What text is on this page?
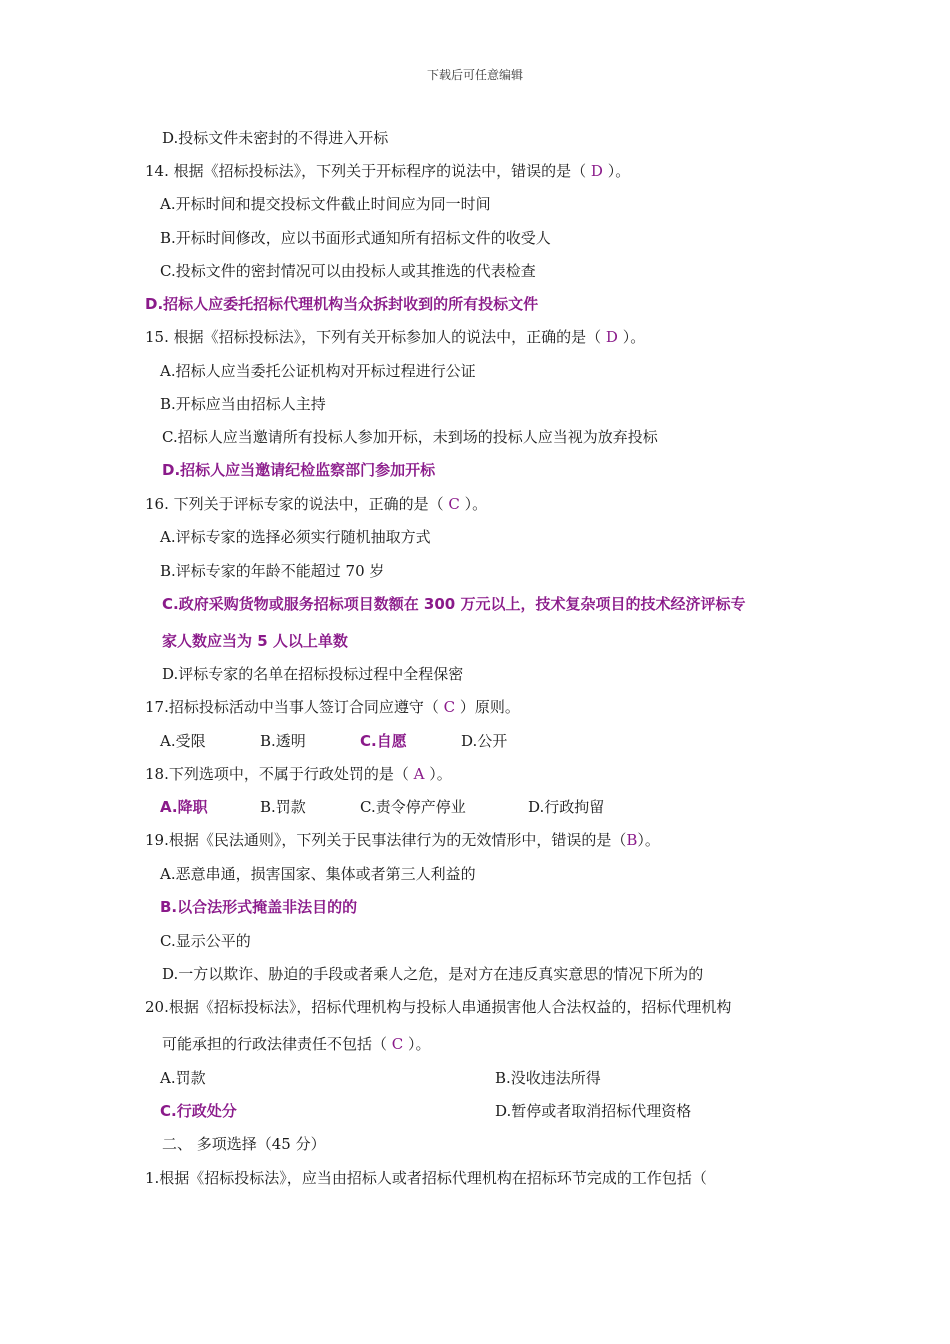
下载后可任意编辑
D.投标文件未密封的不得进入开标
14. 根据《招标投标法》，下列关于开标程序的说法中，错误的是（ D ）。
A.开标时间和提交投标文件截止时间应为同一时间
B.开标时间修改，应以书面形式通知所有招标文件的收受人
C.投标文件的密封情况可以由投标人或其推选的代表检查
D.招标人应委托招标代理机构当众拆封收到的所有投标文件
15. 根据《招标投标法》，下列有关开标参加人的说法中，正确的是（ D ）。
A.招标人应当委托公证机构对开标过程进行公证
B.开标应当由招标人主持
C.招标人应当邀请所有投标人参加开标，未到场的投标人应当视为放弃投标
D.招标人应当邀请纪检监察部门参加开标
16. 下列关于评标专家的说法中，正确的是（ C ）。
A.评标专家的选择必须实行随机抽取方式
B.评标专家的年龄不能超过 70 岁
C.政府采购货物或服务招标项目数额在 300 万元以上，技术复杂项目的技术经济评标专
家人数应当为 5 人以上单数
D.评标专家的名单在招标投标过程中全程保密
17.招标投标活动中当事人签订合同应遵守（ C ）原则。
A.受限	B.透明	C.自愿	D.公开
18.下列选项中，不属于行政处罚的是（ A ）。
A.降职	B.罚款	C.责令停产停业	D.行政拘留
19.根据《民法通则》，下列关于民事法律行为的无效情形中，错误的是（B）。
A.恶意串通，损害国家、集体或者第三人利益的
B.以合法形式掩盖非法目的的
C.显示公平的
D.一方以欺诈、胁迫的手段或者乘人之危，是对方在违反真实意思的情况下所为的
20.根据《招标投标法》，招标代理机构与投标人串通损害他人合法权益的，招标代理机构
可能承担的行政法律责任不包括（ C ）。
A.罚款	B.没收违法所得
C.行政处分	D.暂停或者取消招标代理资格
二、 多项选择（45 分）
1.根据《招标投标法》，应当由招标人或者招标代理机构在招标环节完成的工作包括（
